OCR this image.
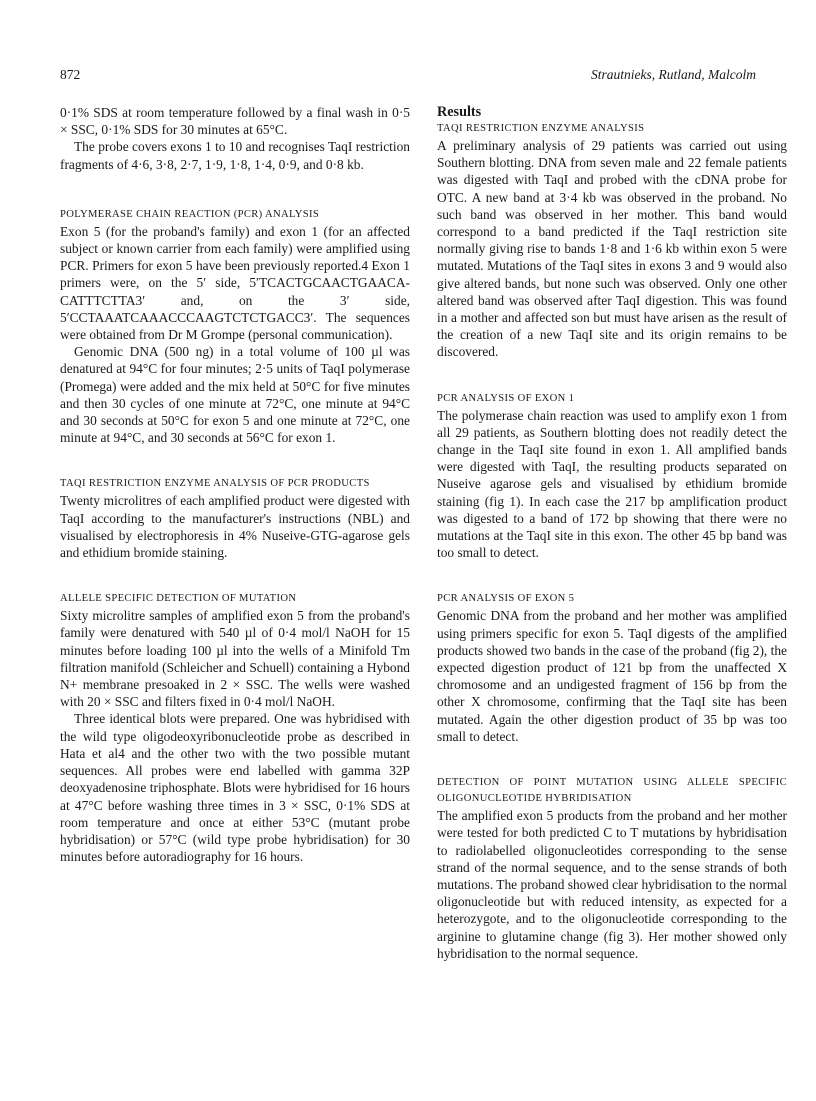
872	Strautnieks, Rutland, Malcolm

0·1% SDS at room temperature followed by a final wash in 0·5 × SSC, 0·1% SDS for 30 minutes at 65°C.

The probe covers exons 1 to 10 and recognises TaqI restriction fragments of 4·6, 3·8, 2·7, 1·9, 1·8, 1·4, 0·9, and 0·8 kb.

POLYMERASE CHAIN REACTION (PCR) ANALYSIS

Exon 5 (for the proband's family) and exon 1 (for an affected subject or known carrier from each family) were amplified using PCR. Primers for exon 5 have been previously reported.4 Exon 1 primers were, on the 5′ side, 5′TCACTGCAACTGAACA-CATTTCTTA3′ and, on the 3′ side, 5′CCTAAATCAAACCCAAGTCTCTGACC3′. The sequences were obtained from Dr M Grompe (personal communication).

Genomic DNA (500 ng) in a total volume of 100 µl was denatured at 94°C for four minutes; 2·5 units of TaqI polymerase (Promega) were added and the mix held at 50°C for five minutes and then 30 cycles of one minute at 72°C, one minute at 94°C and 30 seconds at 50°C for exon 5 and one minute at 72°C, one minute at 94°C, and 30 seconds at 56°C for exon 1.

TAQI RESTRICTION ENZYME ANALYSIS OF PCR PRODUCTS

Twenty microlitres of each amplified product were digested with TaqI according to the manufacturer's instructions (NBL) and visualised by electrophoresis in 4% Nuseive-GTG-agarose gels and ethidium bromide staining.

ALLELE SPECIFIC DETECTION OF MUTATION

Sixty microlitre samples of amplified exon 5 from the proband's family were denatured with 540 µl of 0·4 mol/l NaOH for 15 minutes before loading 100 µl into the wells of a Minifold Tm filtration manifold (Schleicher and Schuell) containing a Hybond N+ membrane presoaked in 2 × SSC. The wells were washed with 20 × SSC and filters fixed in 0·4 mol/l NaOH.

Three identical blots were prepared. One was hybridised with the wild type oligodeoxyribonucleotide probe as described in Hata et al4 and the other two with the two possible mutant sequences. All probes were end labelled with gamma 32P deoxyadenosine triphosphate. Blots were hybridised for 16 hours at 47°C before washing three times in 3 × SSC, 0·1% SDS at room temperature and once at either 53°C (mutant probe hybridisation) or 57°C (wild type probe hybridisation) for 30 minutes before autoradiography for 16 hours.

Results
TAQI RESTRICTION ENZYME ANALYSIS

A preliminary analysis of 29 patients was carried out using Southern blotting. DNA from seven male and 22 female patients was digested with TaqI and probed with the cDNA probe for OTC. A new band at 3·4 kb was observed in the proband. No such band was observed in her mother. This band would correspond to a band predicted if the TaqI restriction site normally giving rise to bands 1·8 and 1·6 kb within exon 5 were mutated. Mutations of the TaqI sites in exons 3 and 9 would also give altered bands, but none such was observed. Only one other altered band was observed after TaqI digestion. This was found in a mother and affected son but must have arisen as the result of the creation of a new TaqI site and its origin remains to be discovered.

PCR ANALYSIS OF EXON 1

The polymerase chain reaction was used to amplify exon 1 from all 29 patients, as Southern blotting does not readily detect the change in the TaqI site found in exon 1. All amplified bands were digested with TaqI, the resulting products separated on Nuseive agarose gels and visualised by ethidium bromide staining (fig 1). In each case the 217 bp amplification product was digested to a band of 172 bp showing that there were no mutations at the TaqI site in this exon. The other 45 bp band was too small to detect.

PCR ANALYSIS OF EXON 5

Genomic DNA from the proband and her mother was amplified using primers specific for exon 5. TaqI digests of the amplified products showed two bands in the case of the proband (fig 2), the expected digestion product of 121 bp from the unaffected X chromosome and an undigested fragment of 156 bp from the other X chromosome, confirming that the TaqI site has been mutated. Again the other digestion product of 35 bp was too small to detect.

DETECTION OF POINT MUTATION USING ALLELE SPECIFIC OLIGONUCLEOTIDE HYBRIDISATION

The amplified exon 5 products from the proband and her mother were tested for both predicted C to T mutations by hybridisation to radiolabelled oligonucleotides corresponding to the sense strand of the normal sequence, and to the sense strands of both mutations. The proband showed clear hybridisation to the normal oligonucleotide but with reduced intensity, as expected for a heterozygote, and to the oligonucleotide corresponding to the arginine to glutamine change (fig 3). Her mother showed only hybridisation to the normal sequence.
